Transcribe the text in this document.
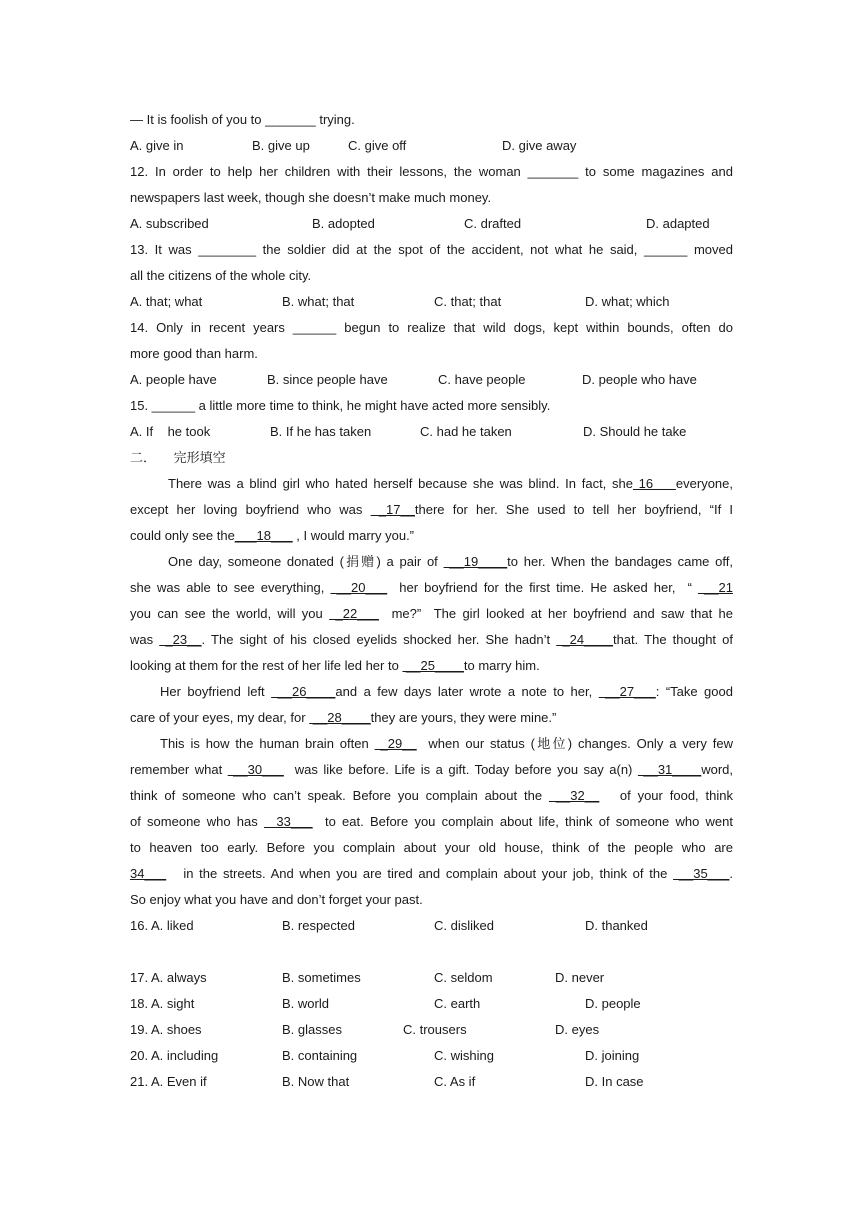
— It is foolish of you to _______ trying.
A. give in	B. give up	C. give off	D. give away
12. In order to help her children with their lessons, the woman _______ to some magazines and
newspapers last week, though she doesn’t make much money.
A. subscribed	B. adopted	C. drafted	D. adapted
13. It was ________ the soldier did at the spot of the accident, not what he said, ______ moved
all the citizens of the whole city.
A. that; what	B. what; that	C. that; that	D. what; which
14. Only in recent years ______ begun to realize that wild dogs, kept within bounds, often do
more good than harm.
A. people have	B. since people have	C. have people	D. people who have
15. ______ a little more time to think, he might have acted more sensibly.
A. If    he took	B. If he has taken	C. had he taken	D. Should he take
二． 完形填空
There was a blind girl who hated herself because she was blind. In fact, she 16    everyone,
except her loving boyfriend who was  _17__there for her. She used to tell her boyfriend, “If I
could only see the___18___ , I would marry you.”
One day, someone donated (捐赠) a pair of  __19____to her. When the bandages came off,
she was able to see everything,  __20___  her boyfriend for the first time. He asked her,  “  __21
you can see the world, will you  _22___  me?”  The girl looked at her boyfriend and saw that he
was  _23__. The sight of his closed eyelids shocked her. She hadn’t  _24____that. The thought of
looking at them for the rest of her life led her to  __25____to marry him.
Her boyfriend left  __26____and a few days later wrote a note to her,  __27___: “Take good
care of your eyes, my dear, for  __28____they are yours, they were mine.”
This is how the human brain often  _29__  when our status (地位) changes. Only a very few
remember what  __30___  was like before. Life is a gift. Today before you say a(n)  __31____word,
think of someone who can’t speak. Before you complain about the  __32__   of your food, think
of someone who has   33___  to eat. Before you complain about life, think of someone who went
to heaven too early. Before you complain about your old house, think of the people who are
34___   in the streets. And when you are tired and complain about your job, think of the  __35___.
So enjoy what you have and don’t forget your past.
16. A. liked	B. respected	C. disliked	D. thanked
17. A. always	B. sometimes	C. seldom	D. never
18. A. sight	B. world	C. earth	D. people
19. A. shoes	B. glasses	C. trousers	D. eyes
20. A. including	B. containing	C. wishing	D. joining
21. A. Even if	B. Now that	C. As if	D. In case
